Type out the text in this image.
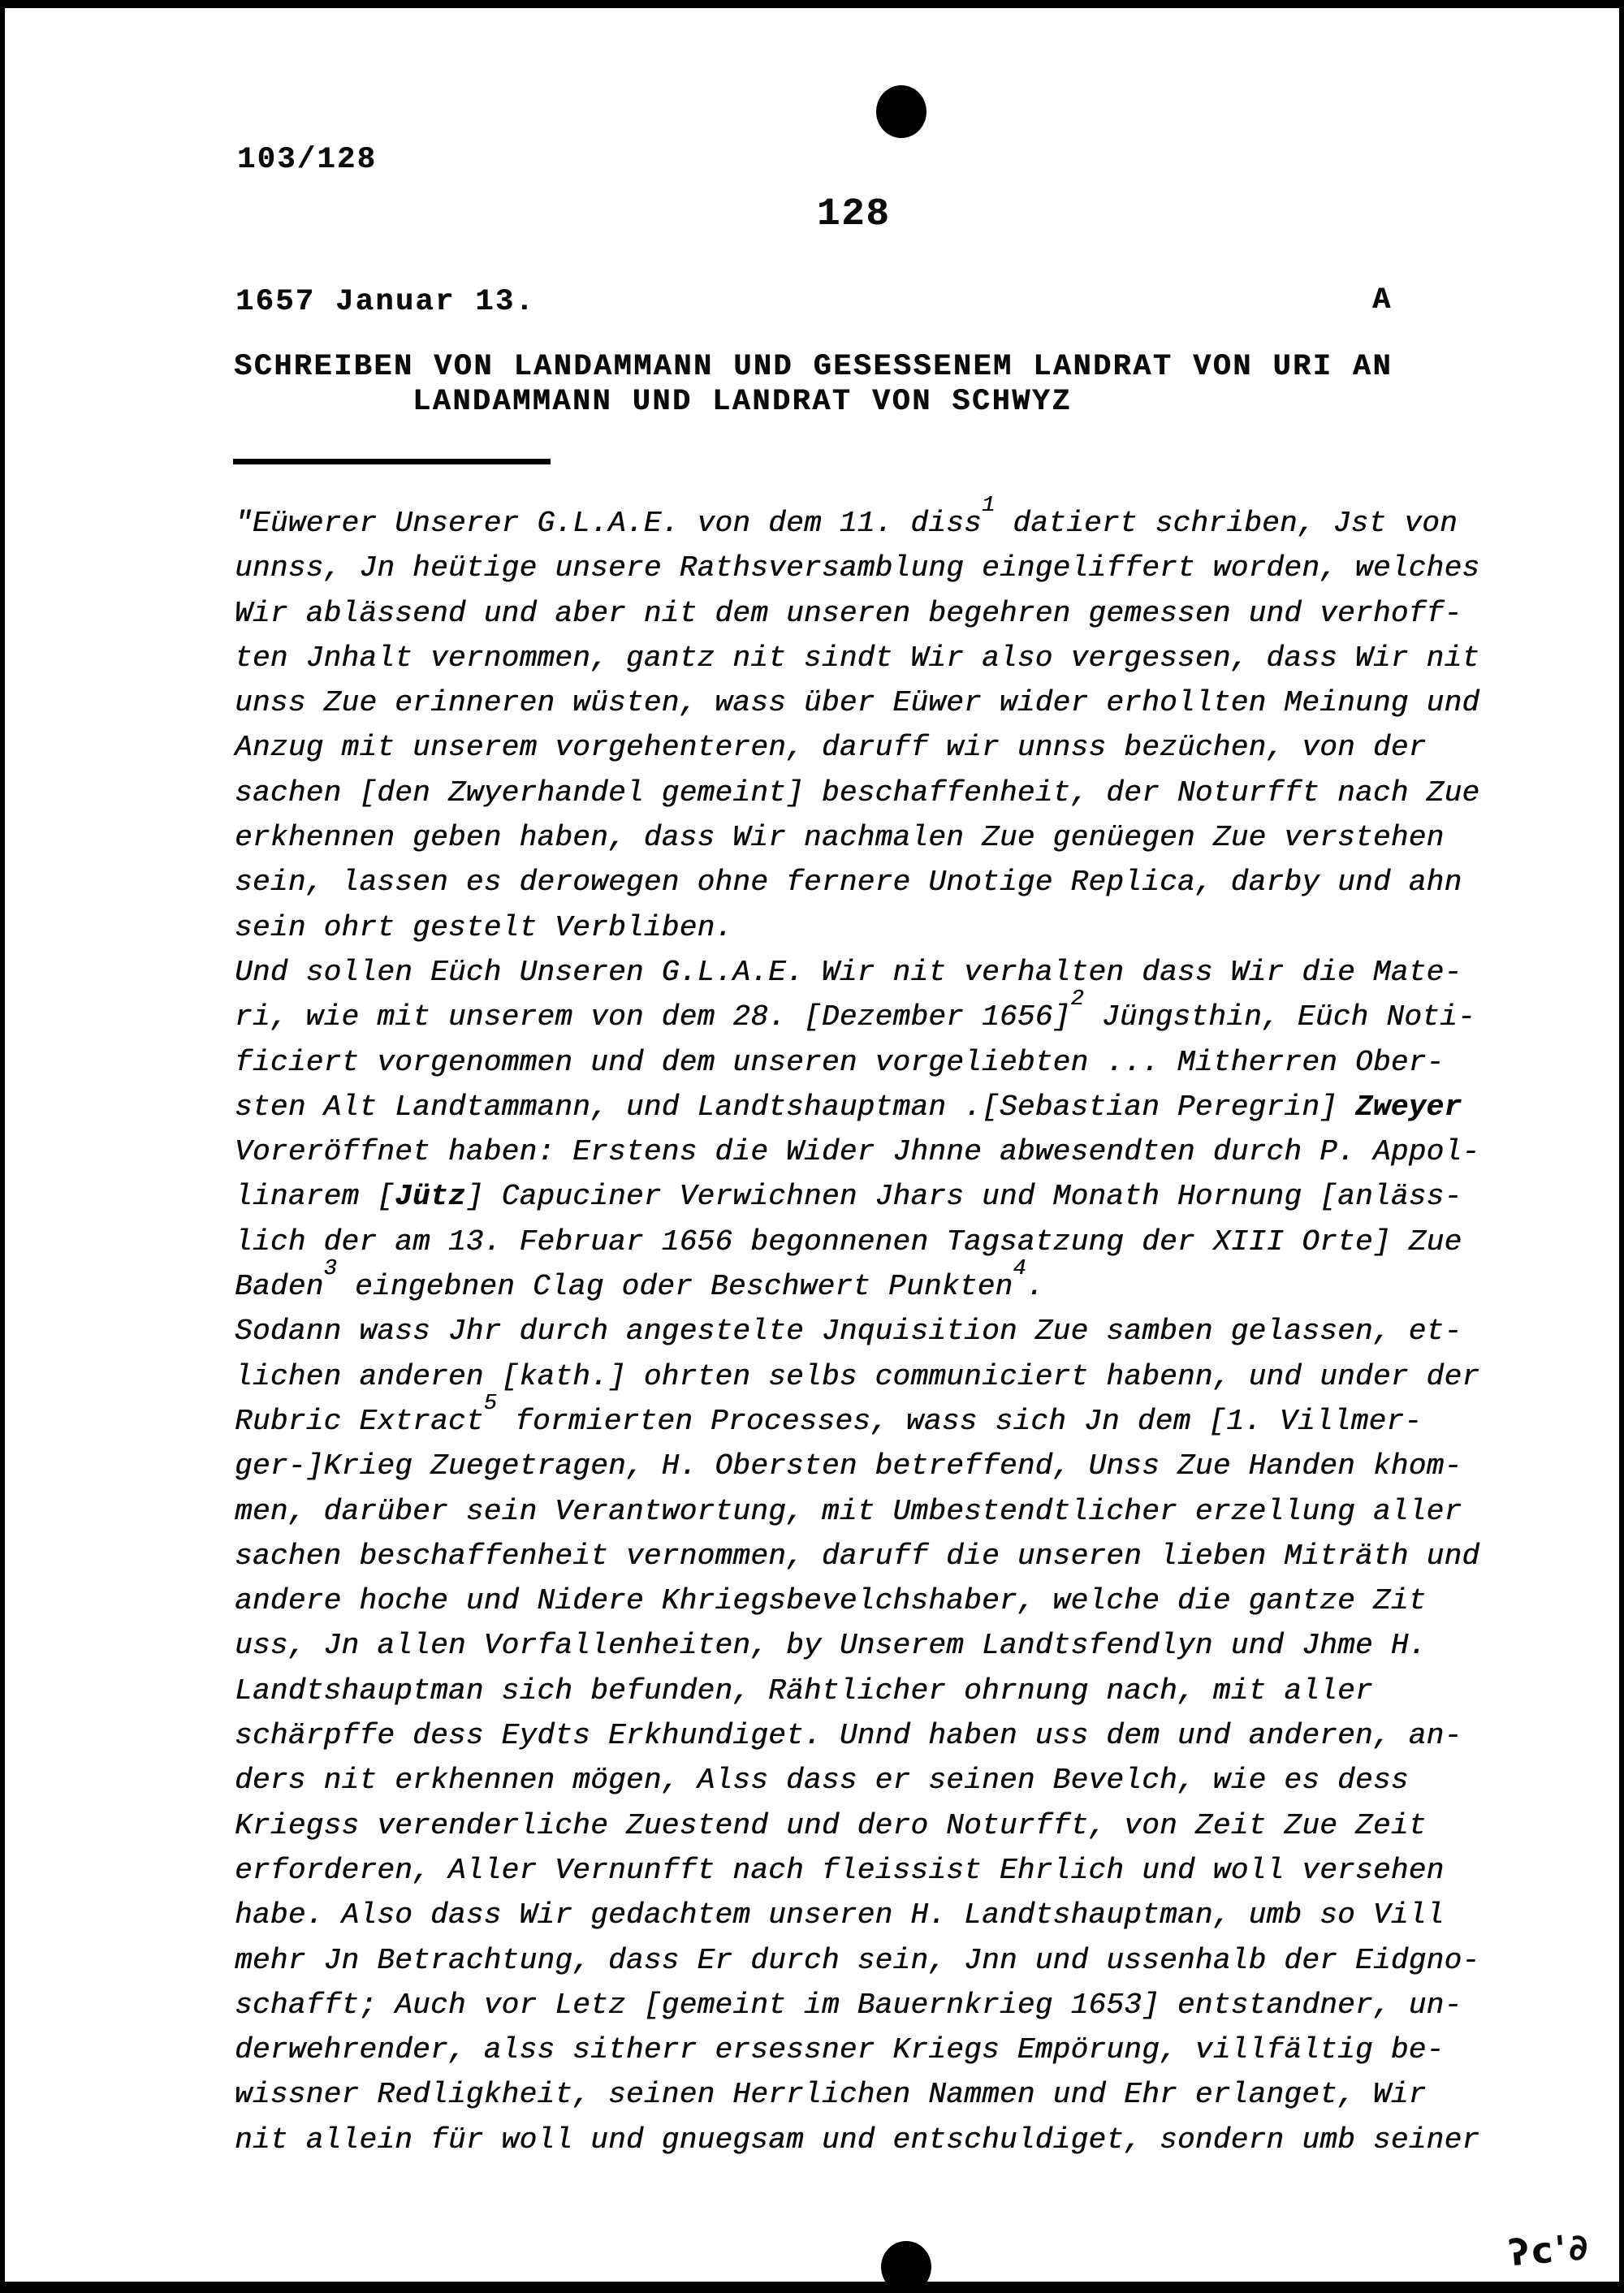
103/128
128
1657 Januar 13.	A
SCHREIBEN VON LANDAMMANN UND GESESSENEM LANDRAT VON URI AN
LANDAMMANN UND LANDRAT VON SCHWYZ
"Eüwerer Unserer G.L.A.E. von dem 11. diss$^1$ datiert schriben, Jst von
unnss, Jn heütige unsere Rathsversamblung eingeliffert worden, welches
Wir ablässend und aber nit dem unseren begehren gemessen und verhoff-
ten Jnhalt vernommen, gantz nit sindt Wir also vergessen, dass Wir nit
unss Zue erinneren wüsten, wass über Eüwer wider erhollten Meinung und
Anzug mit unserem vorgehenteren, daruff wir unnss bezüchen, von der
sachen [den Zwyerhandel gemeint] beschaffenheit, der Noturfft nach Zue
erkhennen geben haben, dass Wir nachmalen Zue genüegen Zue verstehen
sein, lassen es derowegen ohne fernere Unotige Replica, darby und ahn
sein ohrt gestelt Verbliben.
Und sollen Eüch Unseren G.L.A.E. Wir nit verhalten dass Wir die Mate-
ri, wie mit unserem von dem 28. [Dezember 1656]$^2$ Jüngsthin, Eüch Noti-
ficiert vorgenommen und dem unseren vorgeliebten ... Mitherren Ober-
sten Alt Landtammann, und Landtshauptman .[Sebastian Peregrin] Zweyer
Voreröffnet haben: Erstens die Wider Jhnne abwesendten durch P. Appol-
linarem [Jütz] Capuciner Verwichnen Jhars und Monath Hornung [anläss-
lich der am 13. Februar 1656 begonnenen Tagsatzung der XIII Orte] Zue
Baden$^3$ eingebnen Clag oder Beschwert Punkten$^4$.
Sodann wass Jhr durch angestelte Jnquisition Zue samben gelassen, et-
lichen anderen [kath.] ohrten selbs communiciert habenn, und under der
Rubric Extract$^5$ formierten Processes, wass sich Jn dem [1. Villmer-
ger-]Krieg Zuegetragen, H. Obersten betreffend, Unss Zue Handen khom-
men, darüber sein Verantwortung, mit Umbestendtlicher erzellung aller
sachen beschaffenheit vernommen, daruff die unseren lieben Miträth und
andere hoche und Nidere Khriegsbevelchshaber, welche die gantze Zit
uss, Jn allen Vorfallenheiten, by Unserem Landtsfendlyn und Jhme H.
Landtshauptman sich befunden, Rähtlicher ohrnung nach, mit aller
schärpffe dess Eydts Erkhundiget. Unnd haben uss dem und anderen, an-
ders nit erkhennen mögen, Alss dass er seinen Bevelch, wie es dess
Kriegss verenderliche Zuestend und dero Noturfft, von Zeit Zue Zeit
erforderen, Aller Vernunfft nach fleissist Ehrlich und woll versehen
habe. Also dass Wir gedachtem unseren H. Landtshauptman, umb so Vill
mehr Jn Betrachtung, dass Er durch sein, Jnn und ussenhalb der Eidgno-
schafft; Auch vor Letz [gemeint im Bauernkrieg 1653] entstandner, un-
derwehrender, alss sitherr ersessner Kriegs Empörung, villfältig be-
wissner Redligkheit, seinen Herrlichen Nammen und Ehr erlanget, Wir
nit allein für woll und gnuegsam und entschuldiget, sondern umb seiner
ʔc'∂
